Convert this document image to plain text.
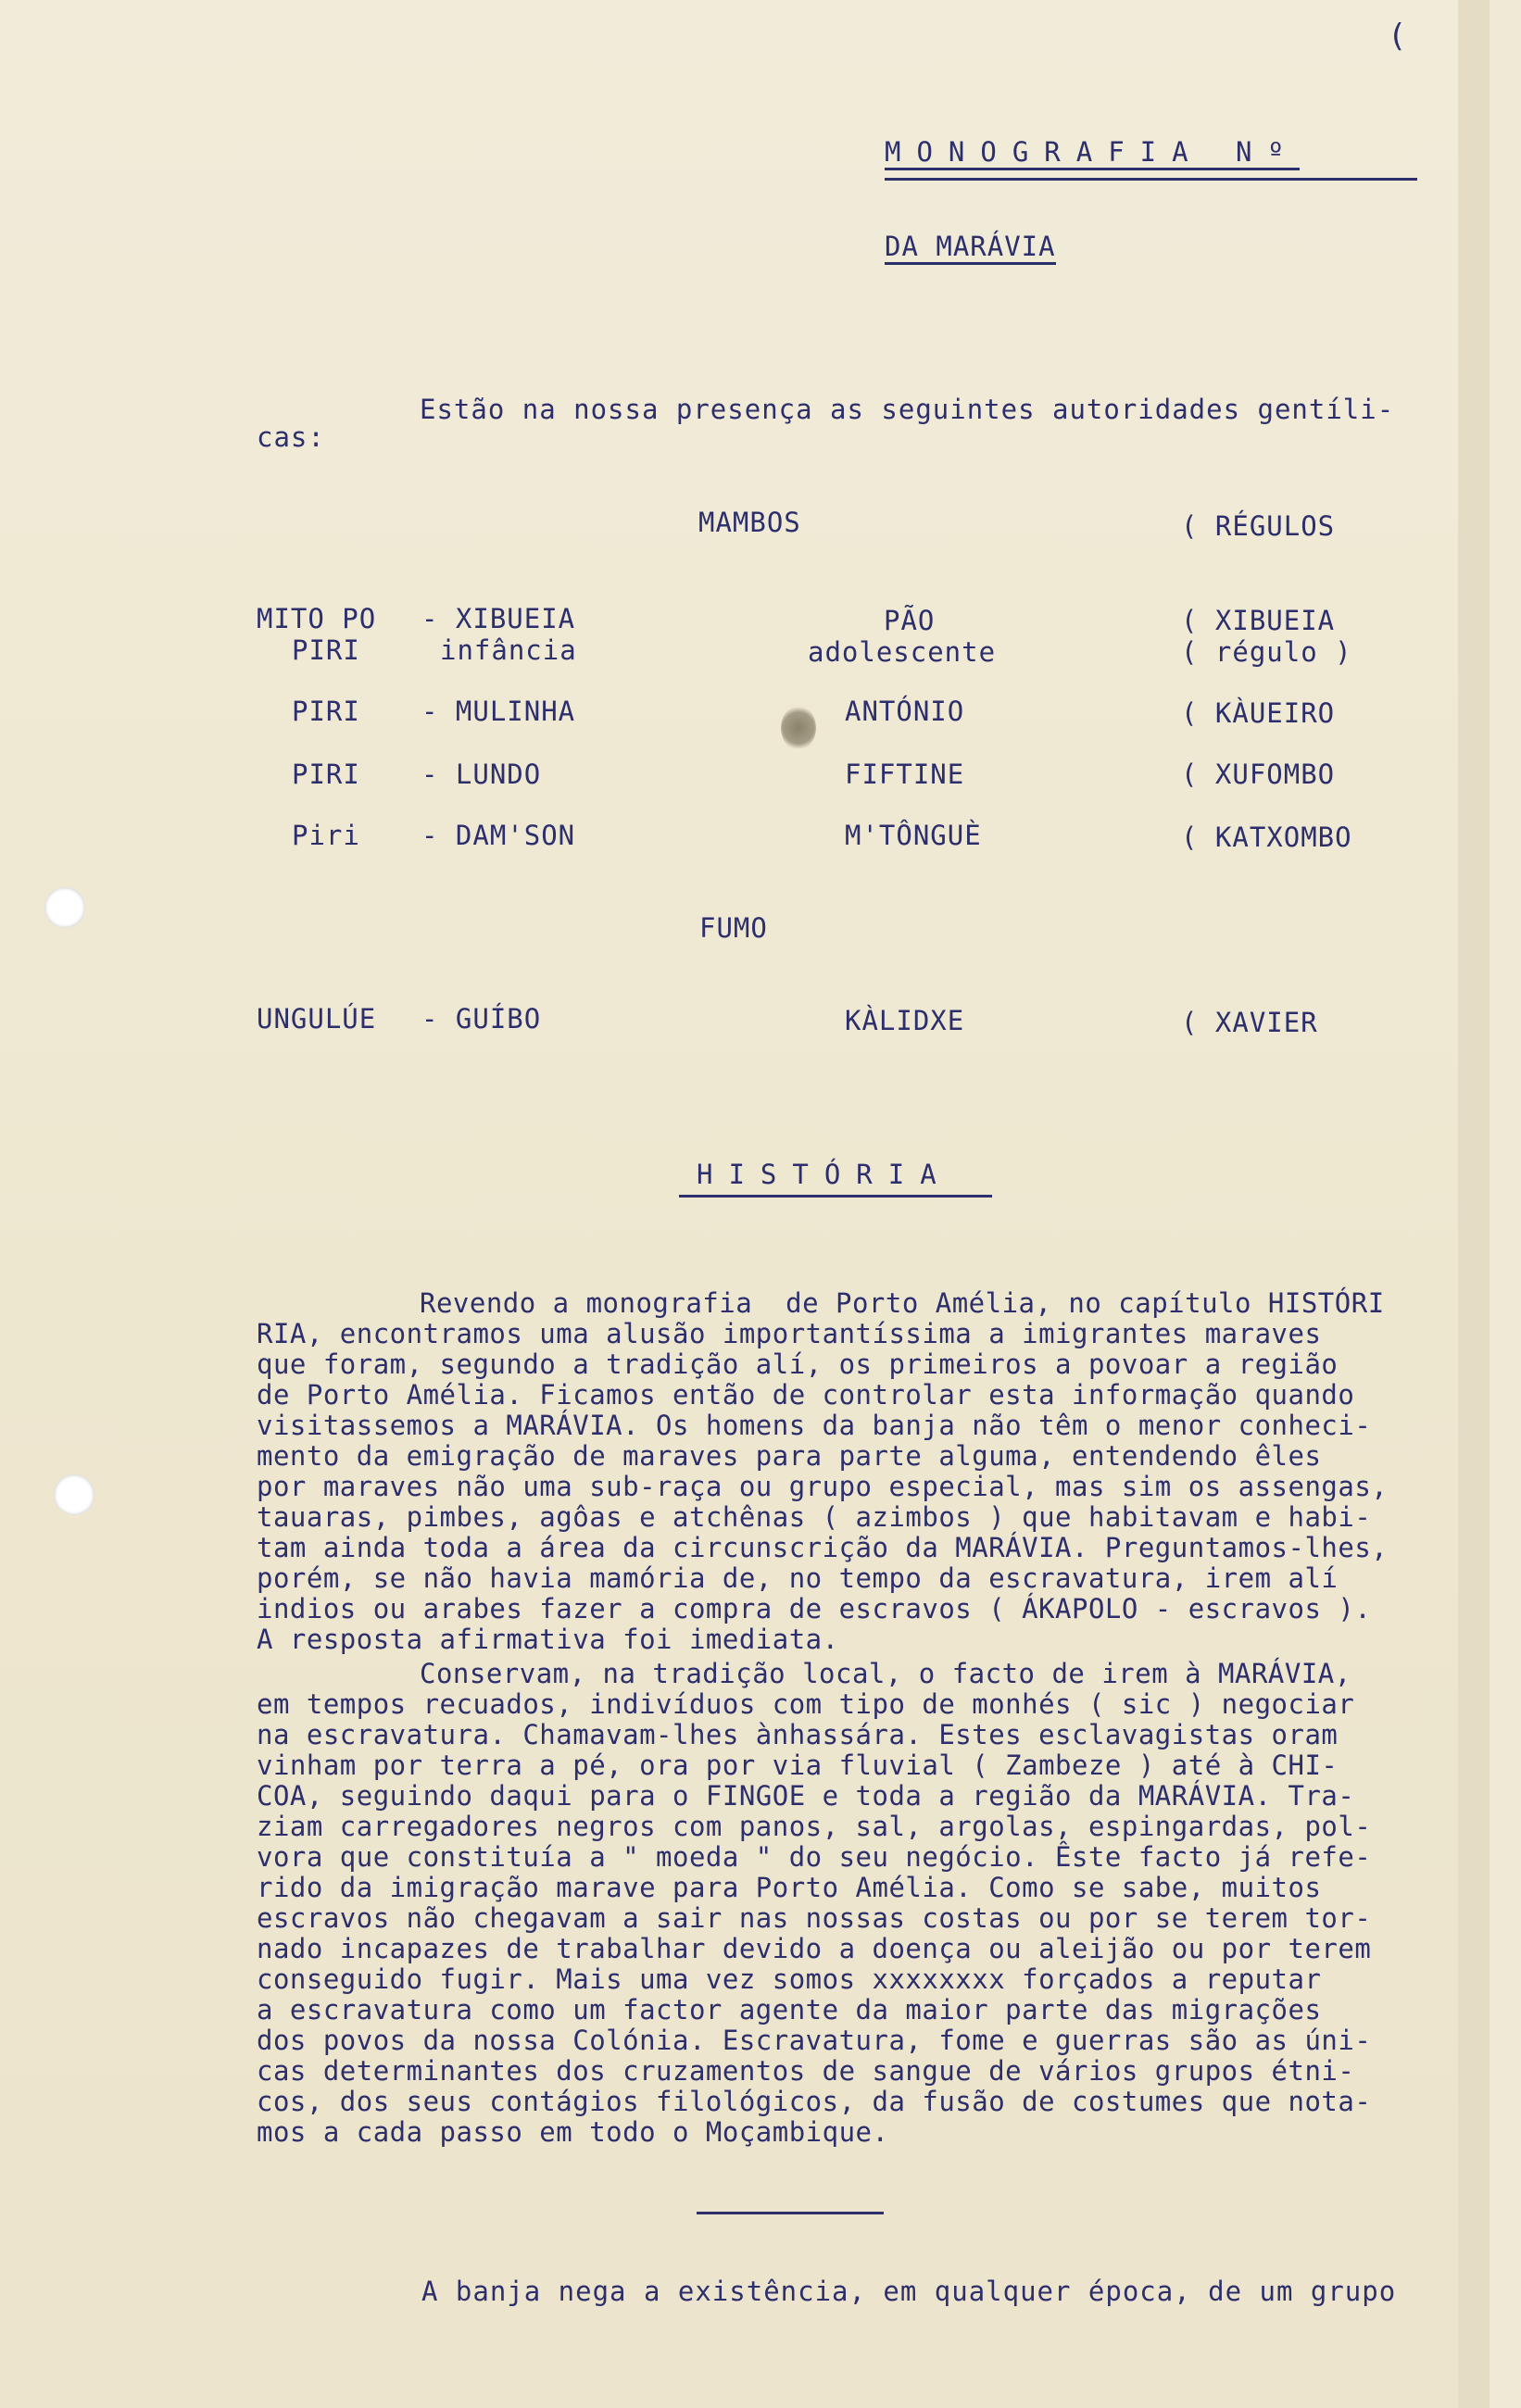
(
MONOGRAFIA Nº
DA MARÁVIA
Estão na nossa presença as seguintes autoridades gentíli-
cas:
MAMBOS	( RÉGULOS
MITO PO - XIBUEIA	PÃO	( XIBUEIA
PIRI	infância	adolescente	( régulo )
PIRI - MULINHA	ANTÓNIO	( KÀUEIRO
PIRI - LUNDO	FIFTINE	( XUFOMBO
Piri - DAM'SON	M'TÔNGUÈ	( KATXOMBO
FUMO
UNGULÚE - GUÍBO	KÀLIDXE	( XAVIER
HISTÓRIA
Revendo a monografia  de Porto Amélia, no capítulo HISTÓRI
RIA, encontramos uma alusão importantíssima a imigrantes maraves
que foram, segundo a tradição alí, os primeiros a povoar a região
de Porto Amélia. Ficamos então de controlar esta informação quando
visitassemos a MARÁVIA. Os homens da banja não têm o menor conheci-
mento da emigração de maraves para parte alguma, entendendo êles
por maraves não uma sub-raça ou grupo especial, mas sim os assengas,
tauaras, pimbes, agôas e atchênas ( azimbos ) que habitavam e habi-
tam ainda toda a área da circunscrição da MARÁVIA. Preguntamos-lhes,
porém, se não havia mamória de, no tempo da escravatura, irem alí
indios ou arabes fazer a compra de escravos ( ÁKAPOLO - escravos ).
A resposta afirmativa foi imediata.
Conservam, na tradição local, o facto de irem à MARÁVIA,
em tempos recuados, indivíduos com tipo de monhés ( sic ) negociar
na escravatura. Chamavam-lhes ànhassára. Estes esclavagistas oram
vinham por terra a pé, ora por via fluvial ( Zambeze ) até à CHI-
COA, seguindo daqui para o FINGOE e toda a região da MARÁVIA. Tra-
ziam carregadores negros com panos, sal, argolas, espingardas, pol-
vora que constituía a " moeda " do seu negócio. Êste facto já refe-
rido da imigração marave para Porto Amélia. Como se sabe, muitos
escravos não chegavam a sair nas nossas costas ou por se terem tor-
nado incapazes de trabalhar devido a doença ou aleijão ou por terem
conseguido fugir. Mais uma vez somos xxxxxxxx forçados a reputar
a escravatura como um factor agente da maior parte das migrações
dos povos da nossa Colónia. Escravatura, fome e guerras são as úni-
cas determinantes dos cruzamentos de sangue de vários grupos étni-
cos, dos seus contágios filológicos, da fusão de costumes que nota-
mos a cada passo em todo o Moçambique.
A banja nega a existência, em qualquer época, de um grupo
